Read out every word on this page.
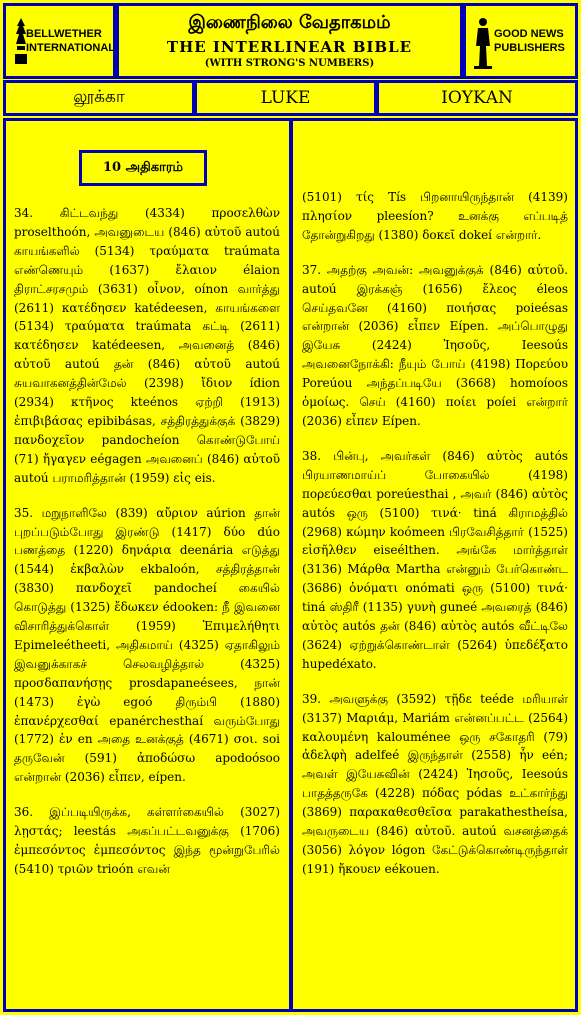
BELLWETHER
INTERNATIONAL
இணைநிலை வேதாகமம்
THE INTERLINEAR BIBLE
(WITH STRONG'S NUMBERS)
GOOD NEWS
PUBLISHERS
லூக்கா	LUKE	ΙΟΥΚΑΝ
10 அதிகாரம்

34. கிட்டவந்து (4334) προσελθὼν proselthoón, அவனுடைய (846) αὐτοῦ autoú காயங்களில் (5134) τραύματα traúmata எண்ணெயும் (1637) ἔλαιον élaion திராட்சரசமும் (3631) οἶνον, oínon வார்த்து (2611) κατέδησεν katédeesen, காயங்களை (5134) τραύματα traúmata கட்டி (2611) κατέδησεν katédeesen, அவனைத் (846) αὐτοῦ autoú தன் (846) αὐτοῦ autoú சுயவாகனத்தின்மேல் (2398) ἴδιον ídion (2934) κτῆνος kteénos ஏற்றி (1913) ἐπιβιβάσας epibibásas, சத்திரத்துக்குக் (3829) πανδοχεῖον pandocheíon கொண்டுபோய் (71) ἤγαγεν eégagen அவனைப் (846) αὐτοῦ autoú பராமரித்தான் (1959) εἰς eis.

35. மறுநாளிலே (839) αὔριον aúrion தான் புறப்படும்போது இரண்டு (1417) δύο dúo பணத்தை (1220) δηνάρια deenária எடுத்து (1544) ἐκβαλὼν ekbaloón, சத்திரத்தான் (3830) πανδοχεῖ pandocheí கையில் கொடுத்து (1325) ἔδωκεν édooken: நீ இவனை விசாரித்துக்கொள் (1959) Ἐπιμελήθητι Epimeleétheeti, அதிகமாய் (4325) ஏதாகிலும் இவனுக்காகச் செலவழித்தால் (4325) προσδαπανήσῃς prosdapaneésees, நான் (1473) ἐγὼ egoó திரும்பி (1880) ἐπανέρχεσθαί epanérchesthaí வரும்போது (1772) ἐν en அதை உனக்குத் (4671) σοι. soi தருவேன் (591) ἀποδώσω apodoósoo என்றான் (2036) εἶπεν, eípen.

36. இப்படியிருக்க, கள்ளர்கையில் (3027) λῃστάς; leestás அகப்பட்டவனுக்கு (1706) ἐμπεσόντος ἐμπεσόντος இந்த மூன்றுபேரில் (5410) τριῶν trioón எவன்

(5101) τίς Tís பிறனாயிருந்தான் (4139) πλησίον pleesíon? உனக்கு எப்படித் தோன்றுகிறது (1380) δοκεῖ dokeí என்றார்.

37. அதற்கு அவன்: அவனுக்குக் (846) αὐτοῦ. autoú இரக்கஞ் (1656) ἔλεος éleos செய்தவனே (4160) ποιήσας poieésas என்றான் (2036) εἶπεν Eípen. அப்பொழுது இயேசு (2424) Ἰησοῦς, Ieesoús அவனைநோக்கி: நீயும் போய் (4198) Πορεύου Poreúou அந்தப்படியே (3668) homoíoos ὁμοίως. செய் (4160) ποίει poíei என்றார் (2036) εἶπεν Eípen.

38. பின்பு, அவர்கள் (846) αὐτὸς autós பிரயாணமாய்ப் போகையில் (4198) πορεύεσθαι poreúesthai , அவர் (846) αὐτὸς autós ஒரு (5100) τινά· tiná கிராமத்தில் (2968) κώμην koómeen பிரவேசித்தார் (1525) εἰσῆλθεν eiseélthen. அங்கே மார்த்தாள் (3136) Μάρθα Martha என்னும் பேர்கொண்ட (3686) ὀνόματι onómati ஒரு (5100) τινά· tiná ஸ்திரீ (1135) γυνὴ guneé அவரைத் (846) αὐτὸς autós தன் (846) αὐτὸς autós வீட்டிலே (3624) ஏற்றுக்கொண்டாள் (5264) ὑπεδέξατο hupedéxato.

39. அவளுக்கு (3592) τῇδε teéde மரியாள் (3137) Μαριάμ, Mariám என்னப்பட்ட (2564) καλουμένη kalouménee ஒரு சகோதரி (79) ἀδελφὴ adelfeé இருந்தாள் (2558) ἦν eén; அவள் இயேசுவின் (2424) Ἰησοῦς, Ieesoús பாதத்தருகே (4228) πόδας pódas உட்கார்ந்து (3869) παρακαθεσθεῖσα parakathestheísa, அவருடைய (846) αὐτοῦ. autoú வசனத்தைக் (3056) λόγον lógon கேட்டுக்கொண்டிருந்தாள் (191) ἤκουεν eékouen.
